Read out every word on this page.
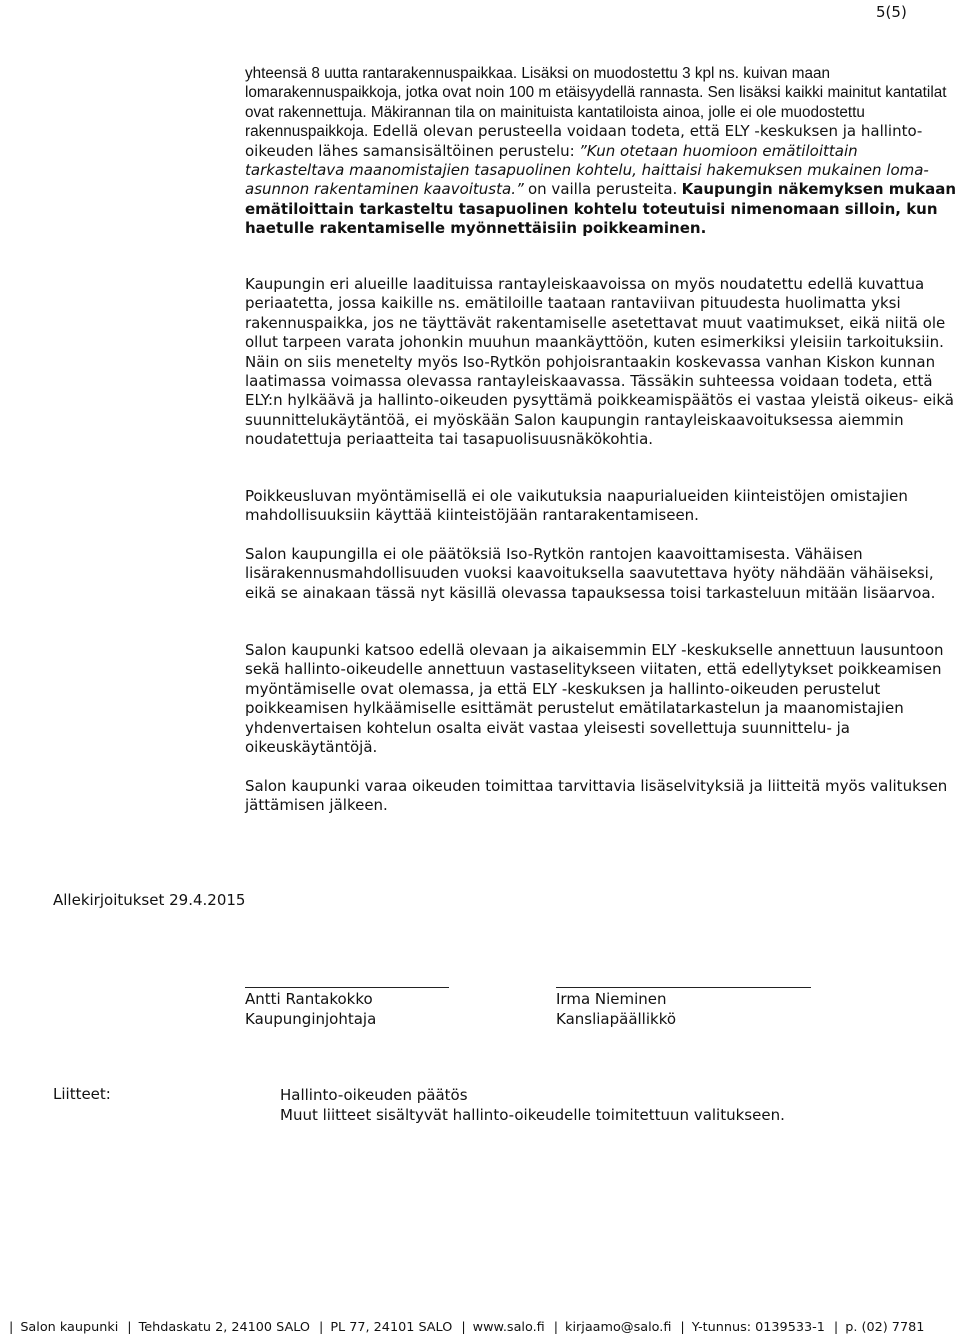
5(5)

yhteensä 8 uutta rantarakennuspaikkaa. Lisäksi on muodostettu 3 kpl ns. kuivan maan lomarakennuspaikkoja, jotka ovat noin 100 m etäisyydellä rannasta. Sen lisäksi kaikki mainitut kantatilat ovat rakennettuja. Mäkirannan tila on mainituista kantatiloista ainoa, jolle ei ole muodostettu rakennuspaikkoja. Edellä olevan perusteella voidaan todeta, että ELY -keskuksen ja hallinto-oikeuden lähes samansisältöinen perustelu: ”Kun otetaan huomioon emätiloittain tarkasteltava maanomistajien tasapuolinen kohtelu, haittaisi hakemuksen mukainen loma-asunnon rakentaminen kaavoitusta.” on vailla perusteita. Kaupungin näkemyksen mukaan emätiloittain tarkasteltu tasapuolinen kohtelu toteutuisi nimenomaan silloin, kun haetulle rakentamiselle myönnettäisiin poikkeaminen.

Kaupungin eri alueille laadituissa rantayleiskaavoissa on myös noudatettu edellä kuvattua periaatetta, jossa kaikille ns. emätiloille taataan rantaviivan pituudesta huolimatta yksi rakennuspaikka, jos ne täyttävät rakentamiselle asetettavat muut vaatimukset, eikä niitä ole ollut tarpeen varata johonkin muuhun maankäyttöön, kuten esimerkiksi yleisiin tarkoituksiin. Näin on siis menetelty myös Iso-Rytkön pohjoisrantaakin koskevassa vanhan Kiskon kunnan laatimassa voimassa olevassa rantayleiskaavassa. Tässäkin suhteessa voidaan todeta, että ELY:n hylkäävä ja hallinto-oikeuden pysyttämä poikkeamispäätös ei vastaa yleistä oikeus- eikä suunnittelukäytäntöä, ei myöskään Salon kaupungin rantayleiskaavoituksessa aiemmin noudatettuja periaatteita tai tasapuolisuusnäkökohtia.

Poikkeusluvan myöntämisellä ei ole vaikutuksia naapurialueiden kiinteistöjen omistajien mahdollisuuksiin käyttää kiinteistöjään rantarakentamiseen.

Salon kaupungilla ei ole päätöksiä Iso-Rytkön rantojen kaavoittamisesta. Vähäisen lisärakennusmahdollisuuden vuoksi kaavoituksella saavutettava hyöty nähdään vähäiseksi, eikä se ainakaan tässä nyt käsillä olevassa tapauksessa toisi tarkasteluun mitään lisäarvoa.

Salon kaupunki katsoo edellä olevaan ja aikaisemmin ELY -keskukselle annettuun lausuntoon sekä hallinto-oikeudelle annettuun vastaselitykseen viitaten, että edellytykset poikkeamisen myöntämiselle ovat olemassa, ja että ELY -keskuksen ja hallinto-oikeuden perustelut poikkeamisen hylkäämiselle esittämät perustelut emätilatarkastelun ja maanomistajien yhdenvertaisen kohtelun osalta eivät vastaa yleisesti sovellettuja suunnittelu- ja oikeuskäytäntöjä.

Salon kaupunki varaa oikeuden toimittaa tarvittavia lisäselvityksiä ja liitteitä myös valituksen jättämisen jälkeen.

Allekirjoitukset 29.4.2015
Antti Rantakokko
Kaupunginjohtaja
Irma Nieminen
Kansliapäällikkö
Liitteet:	Hallinto-oikeuden päätös
Muut liitteet sisältyvät hallinto-oikeudelle toimitettuun valitukseen.
| Salon kaupunki | Tehdaskatu 2, 24100 SALO | PL 77, 24101 SALO | www.salo.fi | kirjaamo@salo.fi | Y-tunnus: 0139533-1 | p. (02) 7781
